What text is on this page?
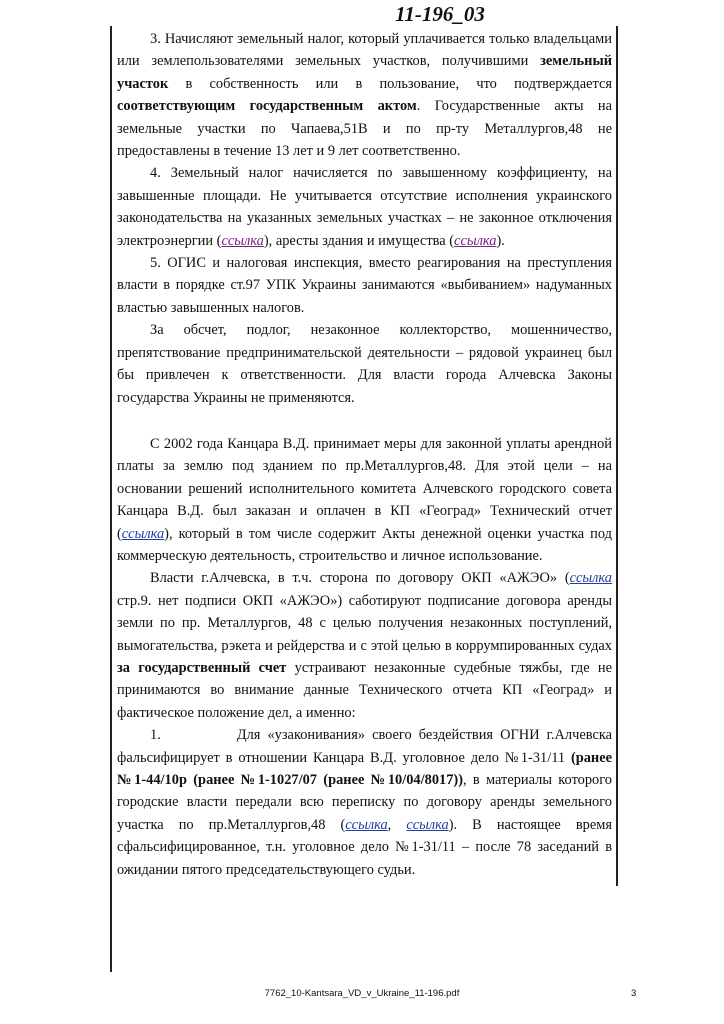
11-196_03

3. Начисляют земельный налог, который уплачивается только владельцами или землепользователями земельных участков, получившими земельный участок в собственность или в пользование, что подтверждается соответствующим государственным актом. Государственные акты на земельные участки по Чапаева,51В и по пр-ту Металлургов,48 не предоставлены в течение 13 лет и 9 лет соответственно.

4. Земельный налог начисляется по завышенному коэффициенту, на завышенные площади. Не учитывается отсутствие исполнения украинского законодательства на указанных земельных участках – не законное отключения электроэнергии (ссылка), аресты здания и имущества (ссылка).

5. ОГИС и налоговая инспекция, вместо реагирования на преступления власти в порядке ст.97 УПК Украины занимаются «выбиванием» надуманных властью завышенных налогов.

За обсчет, подлог, незаконное коллекторство, мошенничество, препятствование предпринимательской деятельности – рядовой украинец был бы привлечен к ответственности. Для власти города Алчевска Законы государства Украины не применяются.

С 2002 года Канцара В.Д. принимает меры для законной уплаты арендной платы за землю под зданием по пр.Металлургов,48. Для этой цели – на основании решений исполнительного комитета Алчевского городского совета Канцара В.Д. был заказан и оплачен в КП «Геоград» Технический отчет (ссылка), который в том числе содержит Акты денежной оценки участка под коммерческую деятельность, строительство и личное использование.

Власти г.Алчевска, в т.ч. сторона по договору ОКП «АЖЭО» (ссылка стр.9. нет подписи ОКП «АЖЭО») саботируют подписание договора аренды земли по пр. Металлургов, 48 с целью получения незаконных поступлений, вымогательства, рэкета и рейдерства и с этой целью в коррумпированных судах за государственный счет устраивают незаконные судебные тяжбы, где не принимаются во внимание данные Технического отчета КП «Геоград» и фактическое положение дел, а именно:

1.	Для «узаконивания» своего бездействия ОГНИ г.Алчевска фальсифицирует в отношении Канцара В.Д. уголовное дело №1-31/11 (ранее №1-44/10р (ранее №1-1027/07 (ранее №10/04/8017)), в материалы которого городские власти передали всю переписку по договору аренды земельного участка по пр.Металлургов,48 (ссылка, ссылка). В настоящее время сфальсифицированное, т.н. уголовное дело №1-31/11 – после 78 заседаний в ожидании пятого председательствующего судьи.

7762_10-Kantsara_VD_v_Ukraine_11-196.pdf	3
